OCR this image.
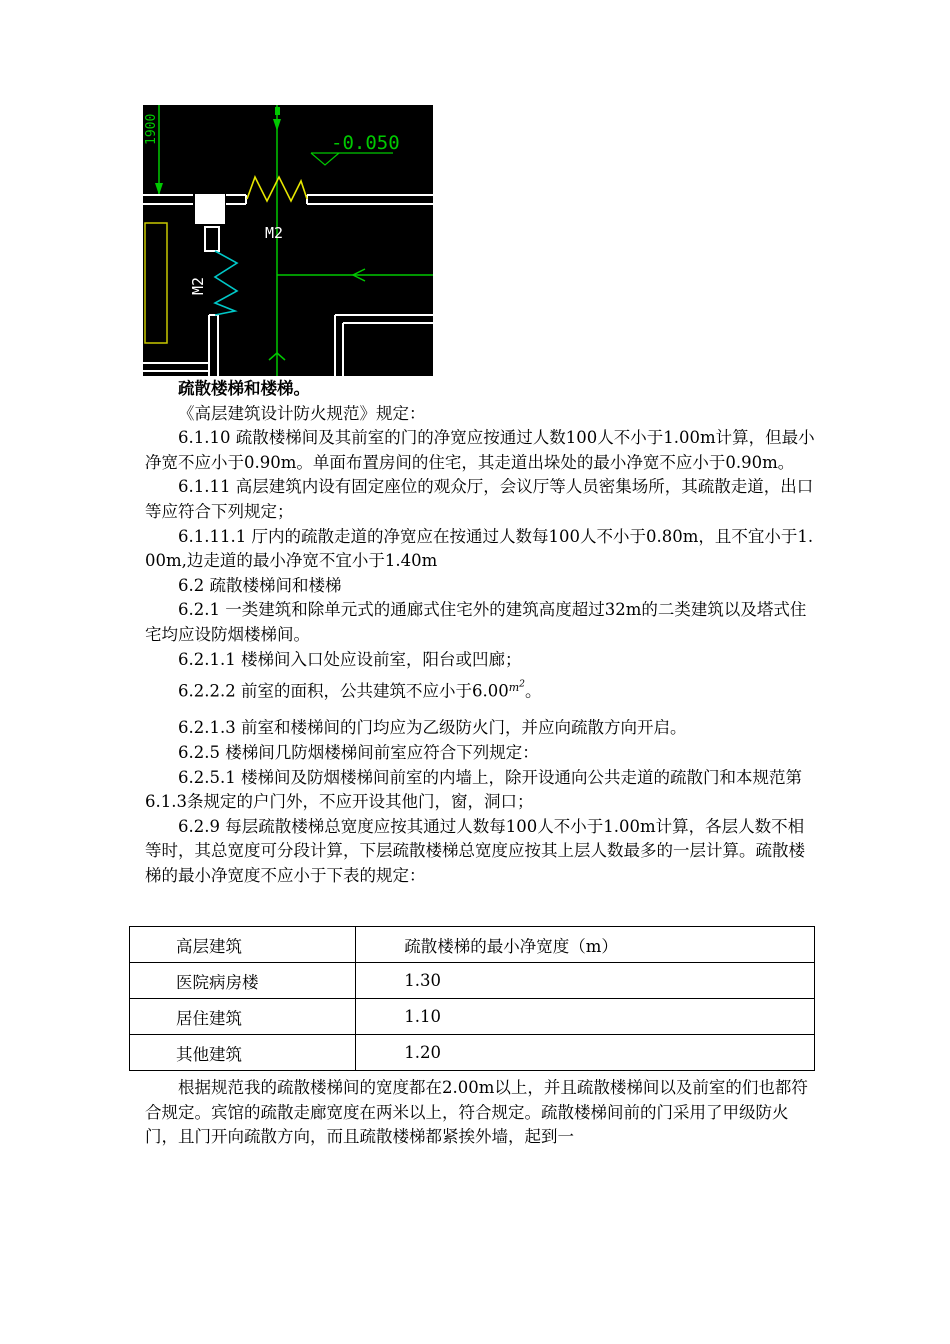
1900	-0.050
M2
M2

疏散楼梯和楼梯。

《高层建筑设计防火规范》规定：

6.1.10 疏散楼梯间及其前室的门的净宽应按通过人数100人不小于1.00m计算，但最小净宽不应小于0.90m。单面布置房间的住宅，其走道出垛处的最小净宽不应小于0.90m。

6.1.11 高层建筑内设有固定座位的观众厅，会议厅等人员密集场所，其疏散走道，出口等应符合下列规定；

6.1.11.1 厅内的疏散走道的净宽应在按通过人数每100人不小于0.80m，且不宜小于1.00m,边走道的最小净宽不宜小于1.40m

6.2 疏散楼梯间和楼梯

6.2.1 一类建筑和除单元式的通廊式住宅外的建筑高度超过32m的二类建筑以及塔式住宅均应设防烟楼梯间。

6.2.1.1 楼梯间入口处应设前室，阳台或凹廊；

6.2.2.2 前室的面积，公共建筑不应小于$6.00^{m^2}$。

6.2.1.3 前室和楼梯间的门均应为乙级防火门，并应向疏散方向开启。

6.2.5 楼梯间几防烟楼梯间前室应符合下列规定：

6.2.5.1 楼梯间及防烟楼梯间前室的内墙上，除开设通向公共走道的疏散门和本规范第6.1.3条规定的户门外，不应开设其他门，窗，洞口；

6.2.9 每层疏散楼梯总宽度应按其通过人数每100人不小于1.00m计算，各层人数不相等时，其总宽度可分段计算，下层疏散楼梯总宽度应按其上层人数最多的一层计算。疏散楼梯的最小净宽度不应小于下表的规定：

高层建筑	疏散楼梯的最小净宽度（m）
医院病房楼	1.30
居住建筑	1.10
其他建筑	1.20

根据规范我的疏散楼梯间的宽度都在2.00m以上，并且疏散楼梯间以及前室的们也都符合规定。宾馆的疏散走廊宽度在两米以上，符合规定。疏散楼梯间前的门采用了甲级防火门，且门开向疏散方向，而且疏散楼梯都紧挨外墙，起到一
